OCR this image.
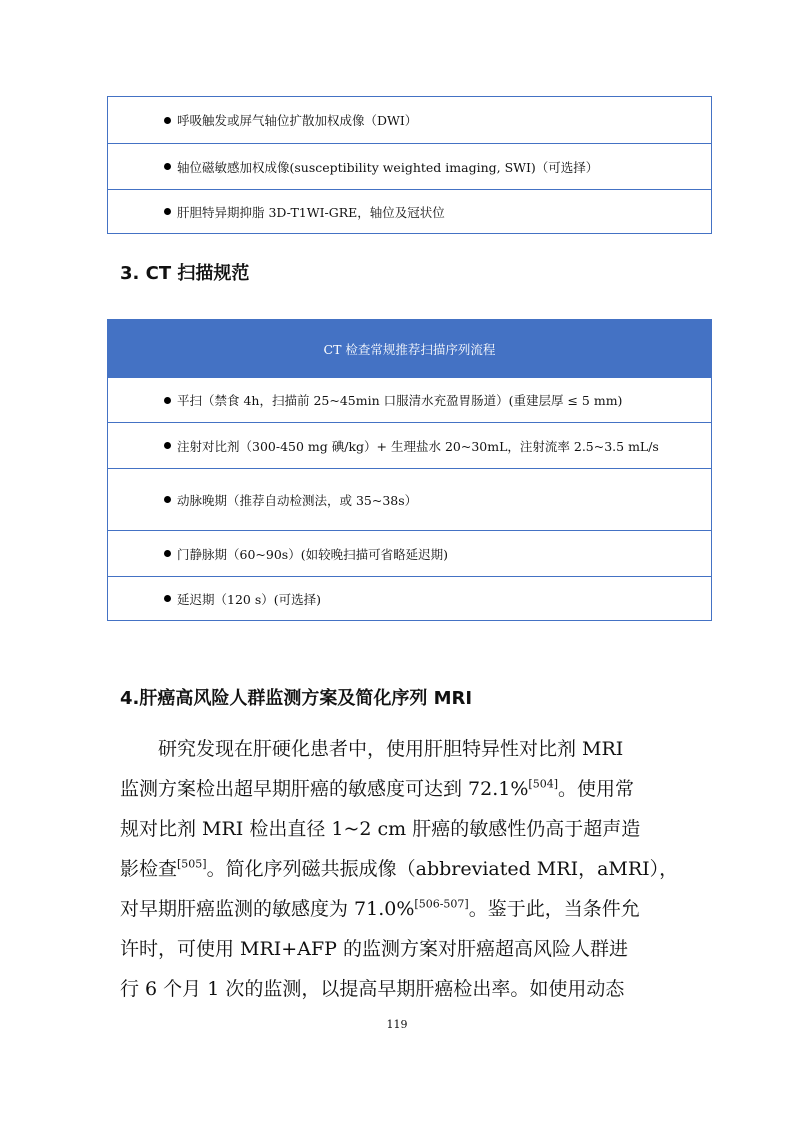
呼吸触发或屏气轴位扩散加权成像（DWI）
轴位磁敏感加权成像(susceptibility weighted imaging, SWI)（可选择）
肝胆特异期抑脂 3D-T1WI-GRE，轴位及冠状位
3. CT 扫描规范
CT 检查常规推荐扫描序列流程
平扫（禁食 4h，扫描前 25~45min 口服清水充盈胃肠道）(重建层厚 ≤ 5 mm)
注射对比剂（300-450 mg 碘/kg）+ 生理盐水 20~30mL，注射流率 2.5~3.5 mL/s
动脉晚期（推荐自动检测法，或 35~38s）
门静脉期（60~90s）(如较晚扫描可省略延迟期)
延迟期（120 s）(可选择)
4.肝癌高风险人群监测方案及简化序列 MRI
　　研究发现在肝硬化患者中，使用肝胆特异性对比剂 MRI
监测方案检出超早期肝癌的敏感度可达到 72.1%[504]。使用常
规对比剂 MRI 检出直径 1~2 cm 肝癌的敏感性仍高于超声造
影检查[505]。简化序列磁共振成像（abbreviated MRI，aMRI），
对早期肝癌监测的敏感度为 71.0%[506-507]。鉴于此，当条件允
许时，可使用 MRI+AFP 的监测方案对肝癌超高风险人群进
行 6 个月 1 次的监测，以提高早期肝癌检出率。如使用动态
119
